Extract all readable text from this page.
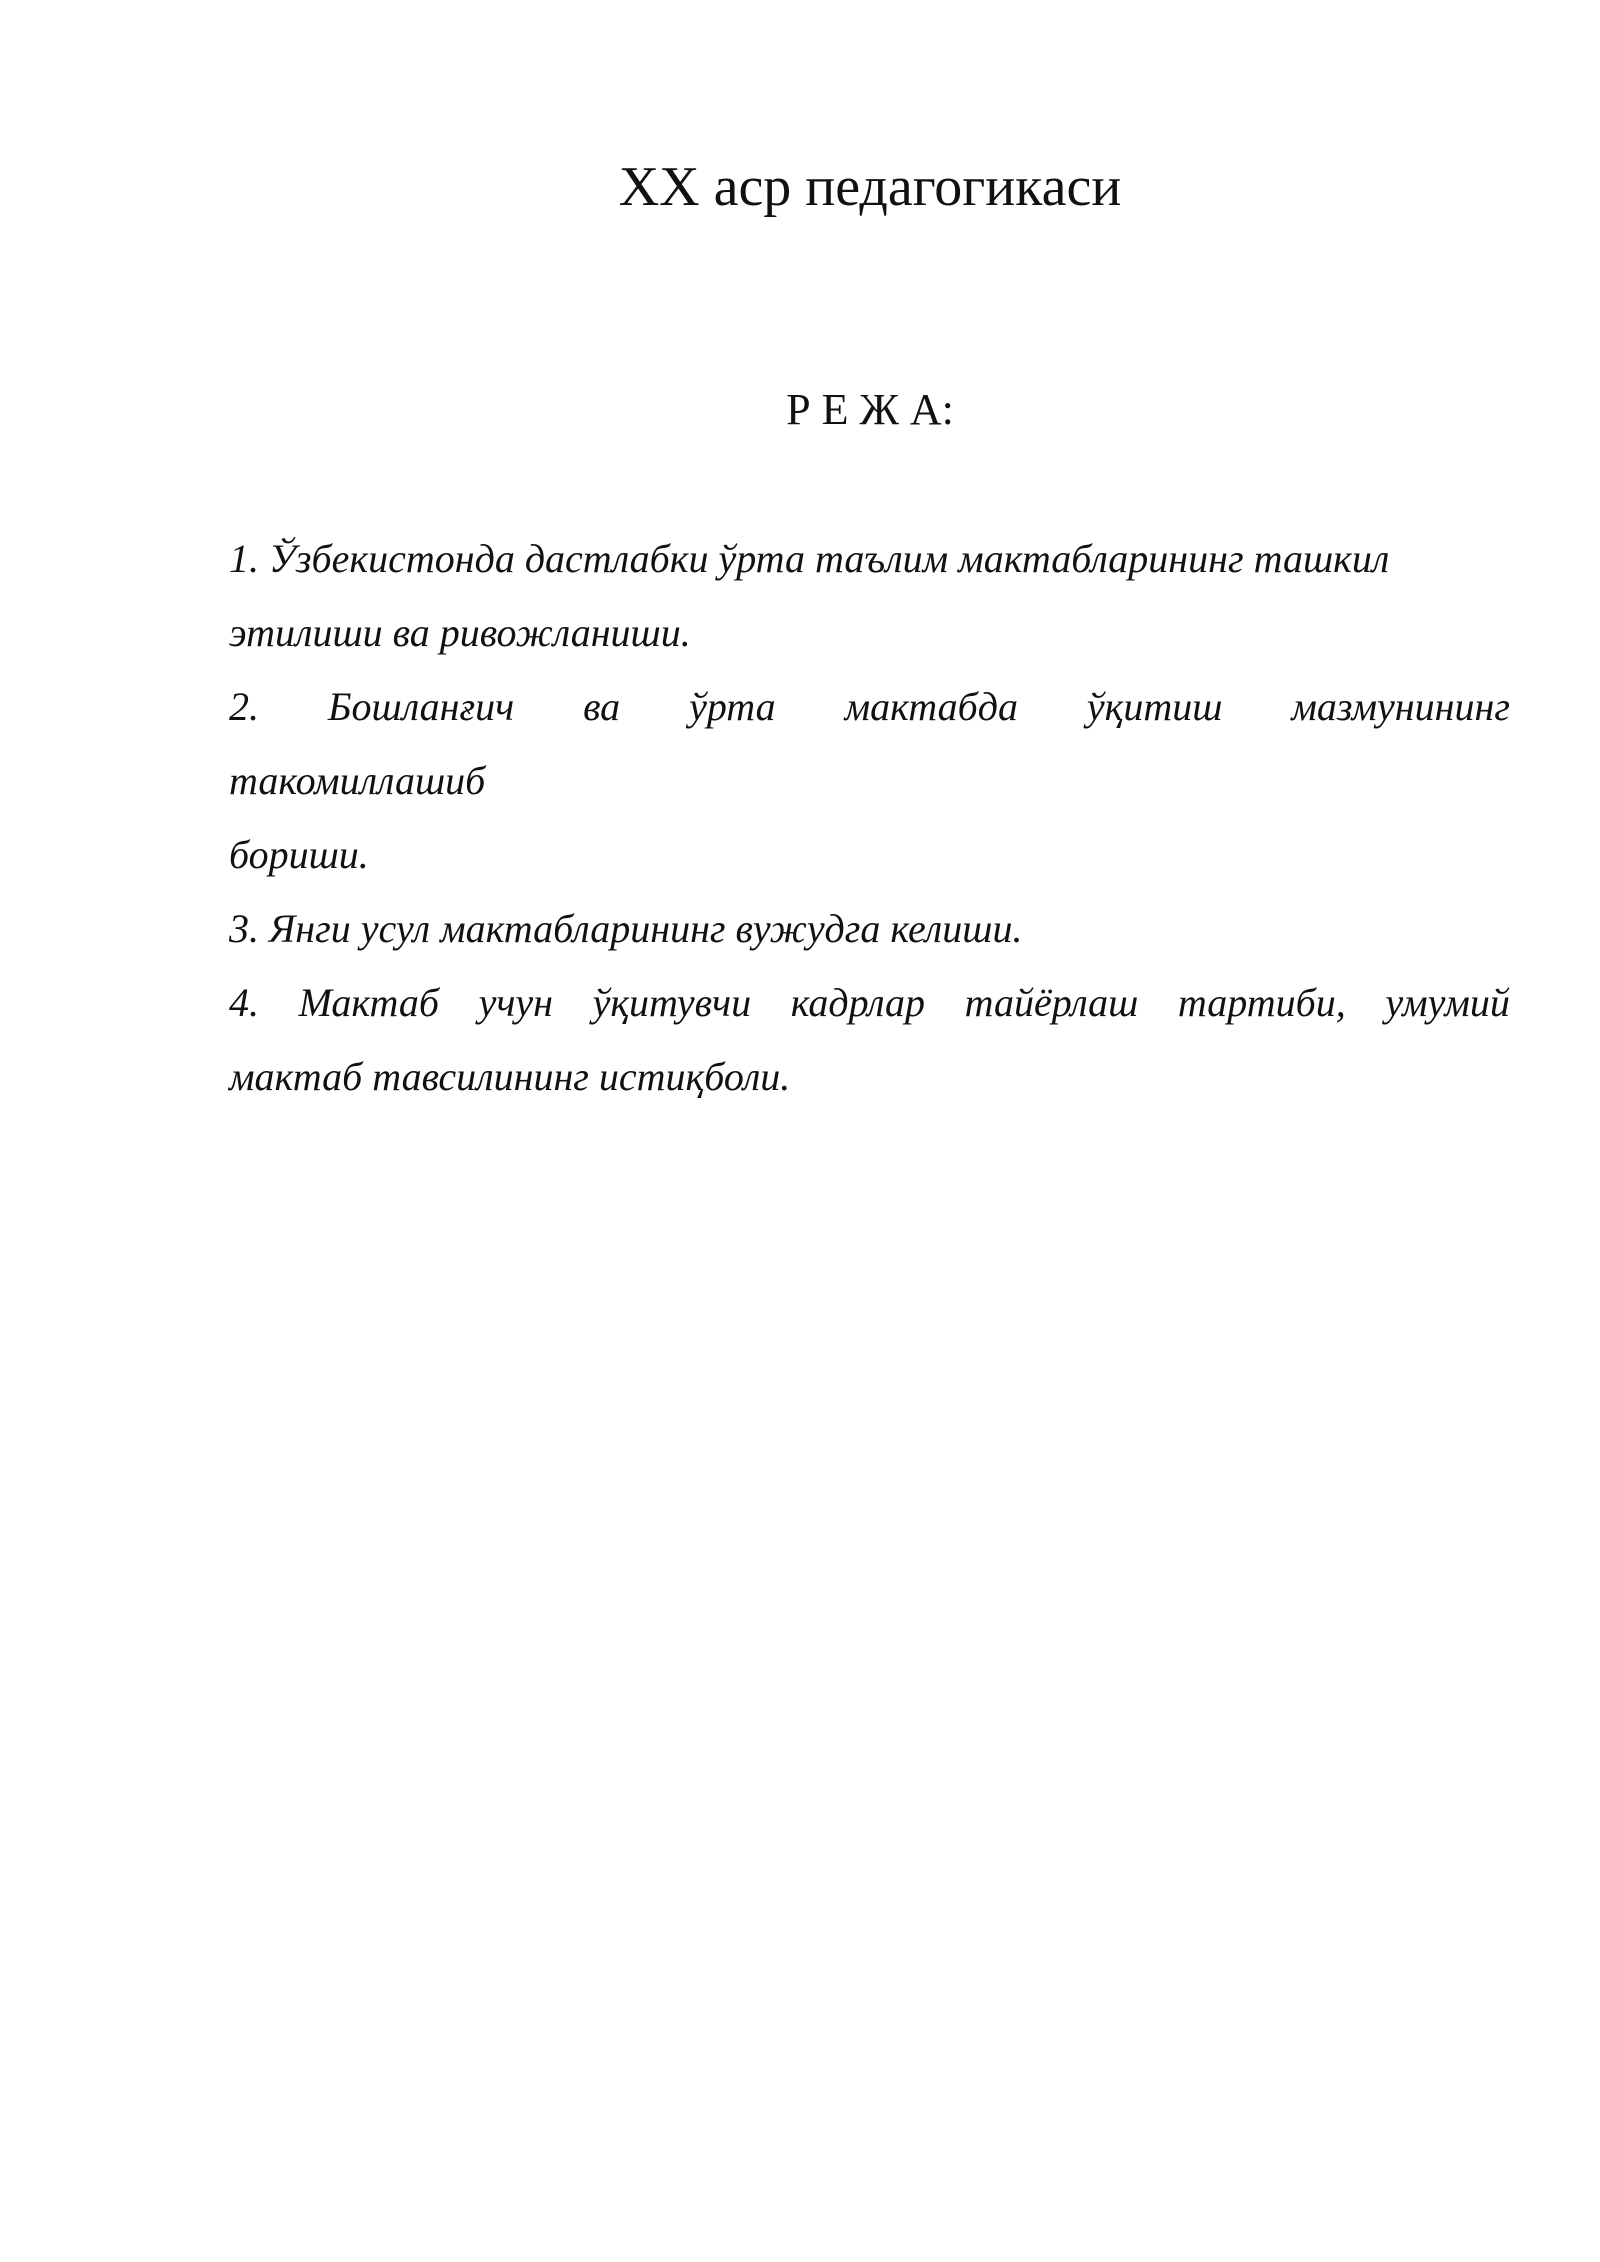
XX аср педагогикаси
Р Е Ж А:
1. Ўзбекистонда дастлабки ўрта таълим мактабларининг ташкил
этилиши ва ривожланиши.
2. Бошланғич ва ўрта мактабда ўқитиш мазмунининг
такомиллашиб
бориши.
3. Янги усул мактабларининг вужудга келиши.
4. Мактаб учун ўқитувчи кадрлар тайёрлаш тартиби, умумий
мактаб тавсилининг истиқболи.
